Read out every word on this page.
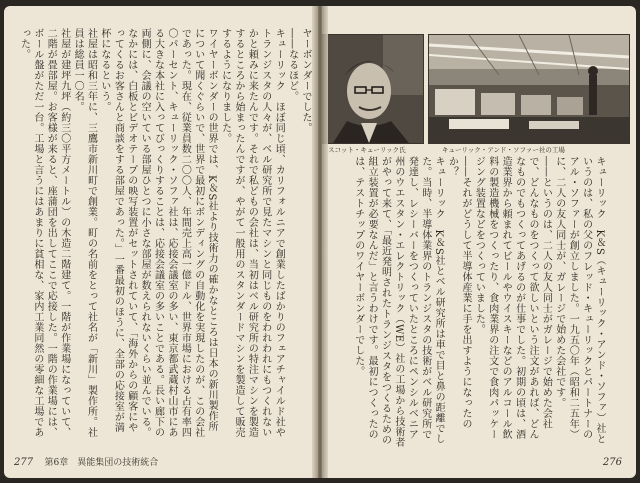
ヤーボンダーでした。
――なるほど。
キューリック　ほぼ同じ頃、カリフォルニアで創業したばかりのフェアチャイルド社やトランジスタの人々が、ベル研究所で見たマシンと同じものをわれわれにもつくれないかと頼みに来たんです。それで私どもの会社は、当初はベル研究所の特注マシンを製造するところから始まったんですが、やがて一般用のスタンダードマシンを製造して販売するようになりました。
ワイヤーボンダーの世界では、K＆S社より技術力の確かなところは日本の新川製作所について聞くぐらいで、世界で最初にボンディングの自動化を実現したのが、この会社であった。現在、従業員数二〇〇人、年間売上高一億ドル、世界市場における占有率四〇パーセント、キューリック・ソファ社は、応接会議室の多い、東京都武蔵村山市にある大きな本社に入ってびっくりすることは、応接会議室の多いことである。長い廊下の両側に、会議の空いている部屋ひとつに小さな部屋が数えられないくらい並んでいる。なかには、白板とビデオテープの映写装置がセットされていて、「海外からの顧客にやってくるお客さんと商談をする部屋であった。」一番最初のほうに、全部の応接室が満杯になるという。
社屋は昭和三年に、三鷹市新川町で創業。町の名前をとって社名が「新川」製作所。社員は総員一〇名。
社屋が建坪九坪（約三〇平方メートル）の木造二階建て。一階が作業場になっていて、二階が畳部屋。お客様が来ると、座蒲団を出してここで応接した。一階の作業場には、ボール盤がただ一台。工場と言うにはあまりに貧相な、家内工業同然の零細な工場であった。
277 第6章　異能集団の技術統合
スコット・キューリック氏	キューリック・アンド・ソファー社の工場
キューリック　K＆S（キューリック・アンド・ソファ）社というのは、私の父のフレッド・キューリックとパートナーのアル・ソファーが創立しました。一九五〇年（昭和二五年）に、二人の友人同士が、ガレージで始めた会社です。
――というのは、二人の友人同士がガレージで始めた会社で、どんなものをつくって欲しいという注文があれば、どんなものでもつくってあげるのが仕事でした。初期の頃は、酒造業界から頼まれてビールやウイスキーなどのアルコール飲料の製造機械をつくったり、食肉業界の注文で食肉パッケージング装置などをつくっていました。
――それがどうして半導体産業に手を出すようになったのか？
キューリック　K＆S社とベル研究所は車で目と鼻の距離でした。当時、半導体業界のトランジスタの技術がベル研究所で発達し、レシーバーをつくっていたところにペンシルベニア州のウエスタン・エレクトリック（WE）社の工場から技術者がやって来て、「最近発明されたトランジスタをつくるための組立装置が必要なんだ」と言うわけです。最初につくったのは、テストチップのワイヤーボンダーでした。
276
